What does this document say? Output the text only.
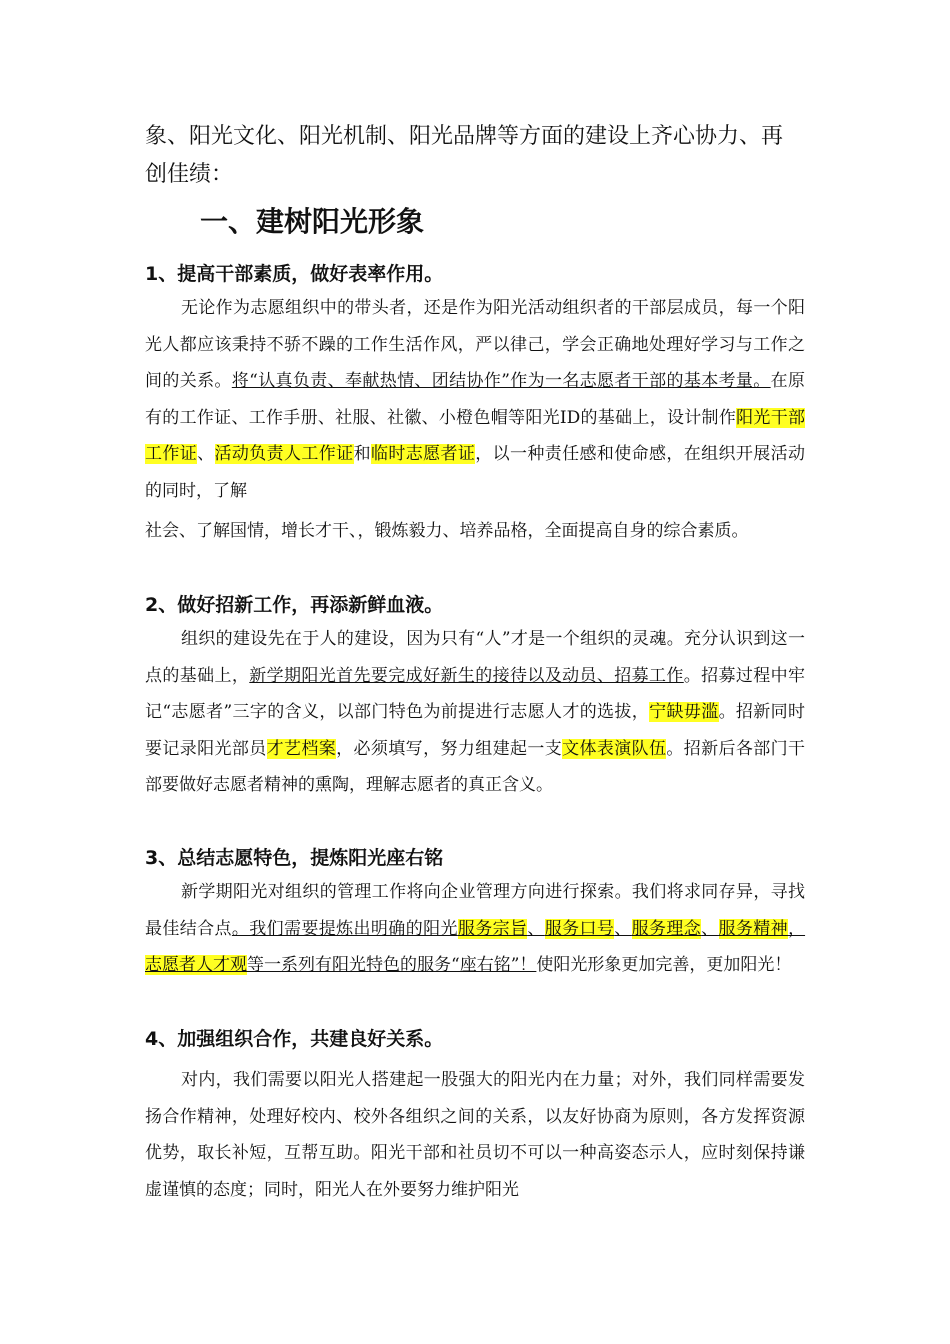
象、阳光文化、阳光机制、阳光品牌等方面的建设上齐心协力、再
创佳绩：

一、建树阳光形象
1、提高干部素质，做好表率作用。

无论作为志愿组织中的带头者，还是作为阳光活动组织者的干部层成员，每一个阳光人都应该秉持不骄不躁的工作生活作风，严以律己，学会正确地处理好学习与工作之间的关系。将“认真负责、奉献热情、团结协作”作为一名志愿者干部的基本考量。在原有的工作证、工作手册、社服、社徽、小橙色帽等阳光ID的基础上，设计制作阳光干部工作证、活动负责人工作证和临时志愿者证，以一种责任感和使命感，在组织开展活动的同时，了解

社会、了解国情，增长才干、，锻炼毅力、培养品格，全面提高自身的综合素质。

2、做好招新工作，再添新鲜血液。

组织的建设先在于人的建设，因为只有“人”才是一个组织的灵魂。充分认识到这一点的基础上，新学期阳光首先要完成好新生的接待以及动员、招募工作。招募过程中牢记“志愿者”三字的含义，以部门特色为前提进行志愿人才的选拔，宁缺毋滥。招新同时要记录阳光部员才艺档案，必须填写，努力组建起一支文体表演队伍。招新后各部门干部要做好志愿者精神的熏陶，理解志愿者的真正含义。

3、总结志愿特色，提炼阳光座右铭

新学期阳光对组织的管理工作将向企业管理方向进行探索。我们将求同存异，寻找最佳结合点。我们需要提炼出明确的阳光服务宗旨、服务口号、服务理念、服务精神，志愿者人才观等一系列有阳光特色的服务“座右铭”！使阳光形象更加完善，更加阳光！

4、加强组织合作，共建良好关系。

对内，我们需要以阳光人搭建起一股强大的阳光内在力量；对外，我们同样需要发扬合作精神，处理好校内、校外各组织之间的关系，以友好协商为原则，各方发挥资源优势，取长补短，互帮互助。阳光干部和社员切不可以一种高姿态示人，应时刻保持谦虚谨慎的态度；同时，阳光人在外要努力维护阳光
